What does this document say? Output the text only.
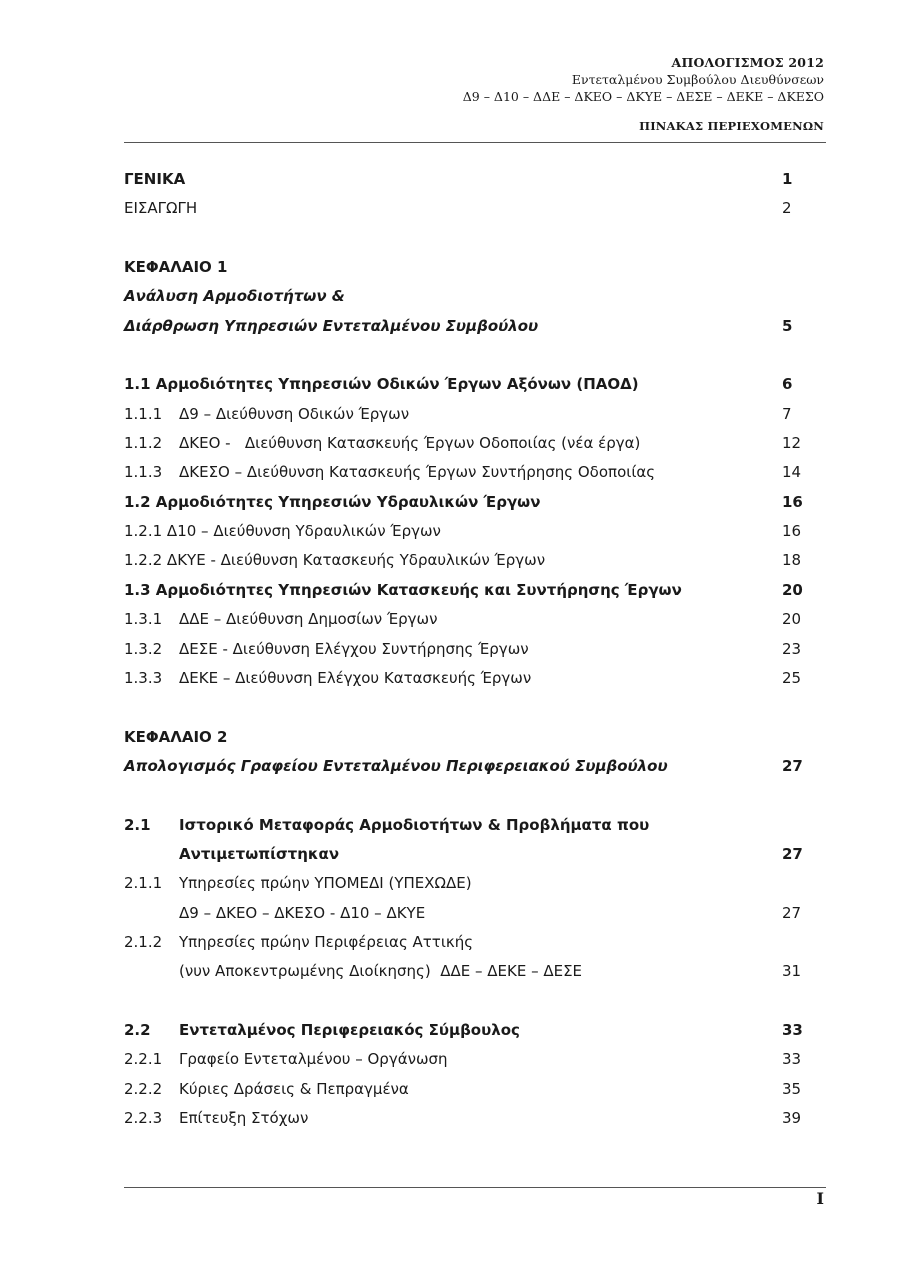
ΑΠΟΛΟΓΙΣΜΟΣ 2012
Εντεταλμένου Συμβούλου Διευθύνσεων
Δ9 – Δ10 – ΔΔΕ – ΔΚΕΟ – ΔΚΥΕ – ΔΕΣΕ – ΔΕΚΕ – ΔΚΕΣΟ
ΠΙΝΑΚΑΣ ΠΕΡΙΕΧΟΜΕΝΩΝ
ΓΕΝΙΚΑ	1
ΕΙΣΑΓΩΓΗ	2
ΚΕΦΑΛΑΙΟ 1
Ανάλυση Αρμοδιοτήτων &
Διάρθρωση Υπηρεσιών Εντεταλμένου Συμβούλου	5
1.1 Αρμοδιότητες Υπηρεσιών Οδικών Έργων Αξόνων (ΠΑΟΔ)	6
1.1.1 Δ9 – Διεύθυνση Οδικών Έργων	7
1.1.2 ΔΚΕΟ -   Διεύθυνση Κατασκευής Έργων Οδοποιίας (νέα έργα)	12
1.1.3 ΔΚΕΣΟ – Διεύθυνση Κατασκευής Έργων Συντήρησης Οδοποιίας	14
1.2 Αρμοδιότητες Υπηρεσιών Υδραυλικών Έργων	16
1.2.1 Δ10 – Διεύθυνση Υδραυλικών Έργων	16
1.2.2 ΔΚΥΕ - Διεύθυνση Κατασκευής Υδραυλικών Έργων	18
1.3 Αρμοδιότητες Υπηρεσιών Κατασκευής και Συντήρησης Έργων	20
1.3.1 ΔΔΕ – Διεύθυνση Δημοσίων Έργων	20
1.3.2 ΔΕΣΕ - Διεύθυνση Ελέγχου Συντήρησης Έργων	23
1.3.3 ΔΕΚΕ – Διεύθυνση Ελέγχου Κατασκευής Έργων	25
ΚΕΦΑΛΑΙΟ 2
Απολογισμός Γραφείου Εντεταλμένου Περιφερειακού Συμβούλου	27
2.1 Ιστορικό Μεταφοράς Αρμοδιοτήτων & Προβλήματα που
Αντιμετωπίστηκαν	27
2.1.1 Υπηρεσίες πρώην ΥΠΟΜΕΔΙ (ΥΠΕΧΩΔΕ)
Δ9 – ΔΚΕΟ – ΔΚΕΣΟ - Δ10 – ΔΚΥΕ	27
2.1.2 Υπηρεσίες πρώην Περιφέρειας Αττικής
(νυν Αποκεντρωμένης Διοίκησης)  ΔΔΕ – ΔΕΚΕ – ΔΕΣΕ	31
2.2 Εντεταλμένος Περιφερειακός Σύμβουλος	33
2.2.1 Γραφείο Εντεταλμένου – Οργάνωση	33
2.2.2 Κύριες Δράσεις & Πεπραγμένα	35
2.2.3 Επίτευξη Στόχων	39
I
